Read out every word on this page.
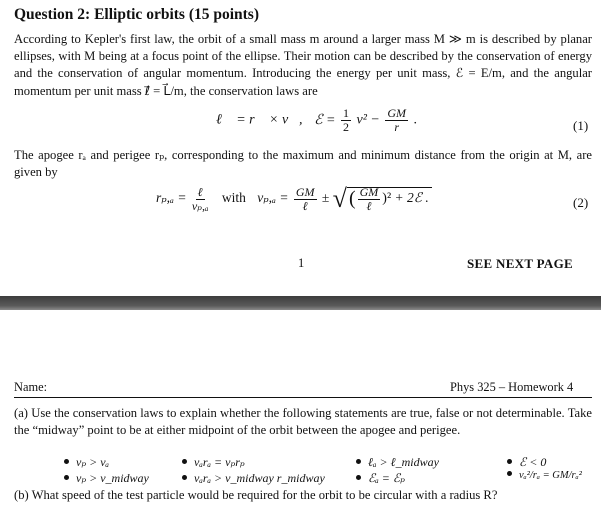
Question 2: Elliptic orbits (15 points)
According to Kepler's first law, the orbit of a small mass m around a larger mass M ≫ m is described by planar ellipses, with M being at a focus point of the ellipse. Their motion can be described by the conservation of energy and the conservation of angular momentum. Introducing the energy per unit mass, ℰ = E/m, and the angular momentum per unit mass ℓ⃗ = L⃗/m, the conservation laws are
ℓ⃗ = r⃗ × v⃗, ℰ = $\frac{1}{2} v^2 - \frac{GM}{r}$ .	(1)
The apogee rₐ and perigee rₚ, corresponding to the maximum and minimum distance from the origin at M, are given by
$r_p,_a = \frac{\text{ℓ}}{\text{vₚ,ₐ}}$ with $v_p,_a = \frac{GM}{\text{ℓ}}$ ± √ ( $\frac{GM}{\text{ℓ}} )^2$ + 2ℰ .	(2)
1	SEE NEXT PAGE
Name:	Phys 325 – Homework 4
(a) Use the conservation laws to explain whether the following statements are true, false or not determinable. Take the “midway” point to be at either midpoint of the orbit between the apogee and perigee.
vₚ > vₐ
vₚ > v_midway
vₐrₐ = vₚrₚ
vₐrₐ > v_midway r_midway
ℓₐ > ℓ_midway
ℰₐ = ℰₚ
ℰ < 0
vₐ²/rₐ = GM/rₐ²
(b) What speed of the test particle would be required for the orbit to be circular with a radius R?
